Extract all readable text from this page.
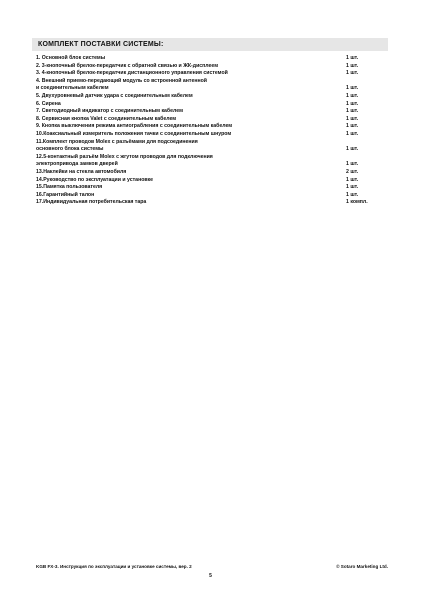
КОМПЛЕКТ ПОСТАВКИ СИСТЕМЫ:
1. Основной блок системы	1 шт.
2. 3-кнопочный брелок-передатчик с обратной связью и ЖК-дисплеем	1 шт.
3. 4-кнопочный брелок-передатчик дистанционного управления системой	1 шт.
4. Внешний приемо-передающий модуль со встроенной антенной
и соединительным кабелем	1 шт.
5. Двухуровневый датчик удара с соединительным кабелем	1 шт.
6. Сирена	1 шт.
7. Светодиодный индикатор с соединительным кабелем	1 шт.
8. Сервисная кнопка Valet с соединительным кабелем	1 шт.
9. Кнопка выключения режима антиограбления с соединительным кабелем	1 шт.
10.Коаксиальный измеритель положения тачки с соединительным шнуром	1 шт.
11.Комплект проводов Molex с разъёмами для подсоединения
основного блока системы	1 шт.
12.5-контактный разъём Molex с жгутом проводов для подключения
электропривода замков дверей	1 шт.
13.Наклейки на стекла автомобиля	2 шт.
14.Руководство по эксплуатации и установке	1 шт.
15.Памятка пользователя	1 шт.
16.Гарантийный талон	1 шт.
17.Индивидуальная потребительская тара	1 компл.
KGB FX-3. Инструкция по эксплуатации и установке системы, вер. 2	© Sotaro Marketing Ltd.
5
